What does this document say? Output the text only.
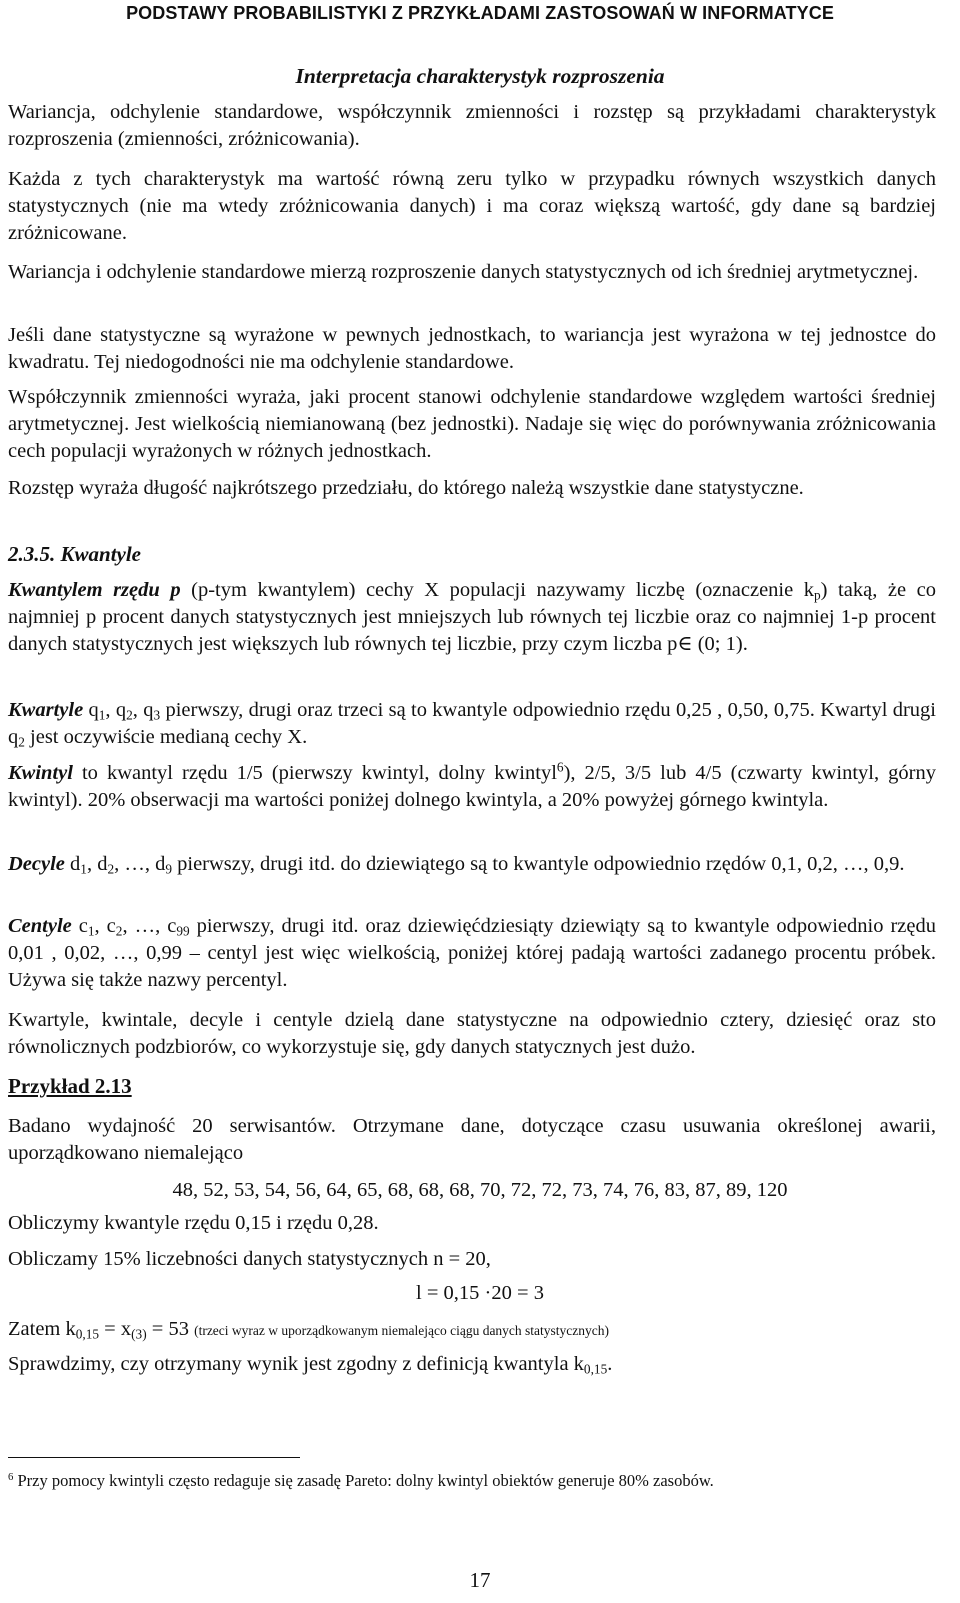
PODSTAWY PROBABILISTYKI Z PRZYKŁADAMI ZASTOSOWAŃ W INFORMATYCE
Interpretacja charakterystyk rozproszenia

Wariancja, odchylenie standardowe, współczynnik zmienności i rozstęp są przykładami charakterystyk rozproszenia (zmienności, zróżnicowania).

Każda z tych charakterystyk ma wartość równą zeru tylko w przypadku równych wszystkich danych statystycznych (nie ma wtedy zróżnicowania danych) i ma coraz większą wartość, gdy dane są bardziej zróżnicowane.

Wariancja i odchylenie standardowe mierzą rozproszenie danych statystycznych od ich średniej arytmetycznej.

Jeśli dane statystyczne są wyrażone w pewnych jednostkach, to wariancja jest wyrażona w tej jednostce do kwadratu. Tej niedogodności nie ma odchylenie standardowe.

Współczynnik zmienności wyraża, jaki procent stanowi odchylenie standardowe względem wartości średniej arytmetycznej. Jest wielkością niemianowaną (bez jednostki). Nadaje się więc do porównywania zróżnicowania cech populacji wyrażonych w różnych jednostkach.

Rozstęp wyraża długość najkrótszego przedziału, do którego należą wszystkie dane statystyczne.

2.3.5. Kwantyle

Kwantylem rzędu p (p-tym kwantylem) cechy X populacji nazywamy liczbę (oznaczenie $k_p$) taką, że co najmniej p procent danych statystycznych jest mniejszych lub równych tej liczbie oraz co najmniej 1-p procent danych statystycznych jest większych lub równych tej liczbie, przy czym liczba p∈ (0; 1).

Kwartyle $q_1$, $q_2$, $q_3$ pierwszy, drugi oraz trzeci są to kwantyle odpowiednio rzędu 0,25 , 0,50, 0,75. Kwartyl drugi $q_2$ jest oczywiście medianą cechy X.

Kwintyl to kwantyl rzędu 1/5 (pierwszy kwintyl, dolny kwintyl$^6$), 2/5, 3/5 lub 4/5 (czwarty kwintyl, górny kwintyl). 20% obserwacji ma wartości poniżej dolnego kwintyla, a 20% powyżej górnego kwintyla.

Decyle $d_1$, $d_2$, …, $d_9$ pierwszy, drugi itd. do dziewiątego są to kwantyle odpowiednio rzędów 0,1, 0,2, …, 0,9.

Centyle $c_1$, $c_2$, …, $c_{99}$ pierwszy, drugi itd. oraz dziewięćdziesiąty dziewiąty są to kwantyle odpowiednio rzędu 0,01 , 0,02, …, 0,99 – centyl jest więc wielkością, poniżej której padają wartości zadanego procentu próbek. Używa się także nazwy percentyl.

Kwartyle, kwintale, decyle i centyle dzielą dane statystyczne na odpowiednio cztery, dziesięć oraz sto równolicznych podzbiorów, co wykorzystuje się, gdy danych statycznych jest dużo.

Przykład 2.13

Badano wydajność 20 serwisantów. Otrzymane dane, dotyczące czasu usuwania określonej awarii, uporządkowano niemalejąco

48, 52, 53, 54, 56, 64, 65, 68, 68, 68, 70, 72, 72, 73, 74, 76, 83, 87, 89, 120

Obliczymy kwantyle rzędu 0,15 i rzędu 0,28.

Obliczamy 15% liczebności danych statystycznych n = 20,

l = 0,15 ·20 = 3

Zatem $k_{0,15} = x_{(3)} = 53$ (trzeci wyraz w uporządkowanym niemalejąco ciągu danych statystycznych)

Sprawdzimy, czy otrzymany wynik jest zgodny z definicją kwantyla $k_{0,15}$.

$^6$ Przy pomocy kwintyli często redaguje się zasadę Pareto: dolny kwintyl obiektów generuje 80% zasobów.

17
